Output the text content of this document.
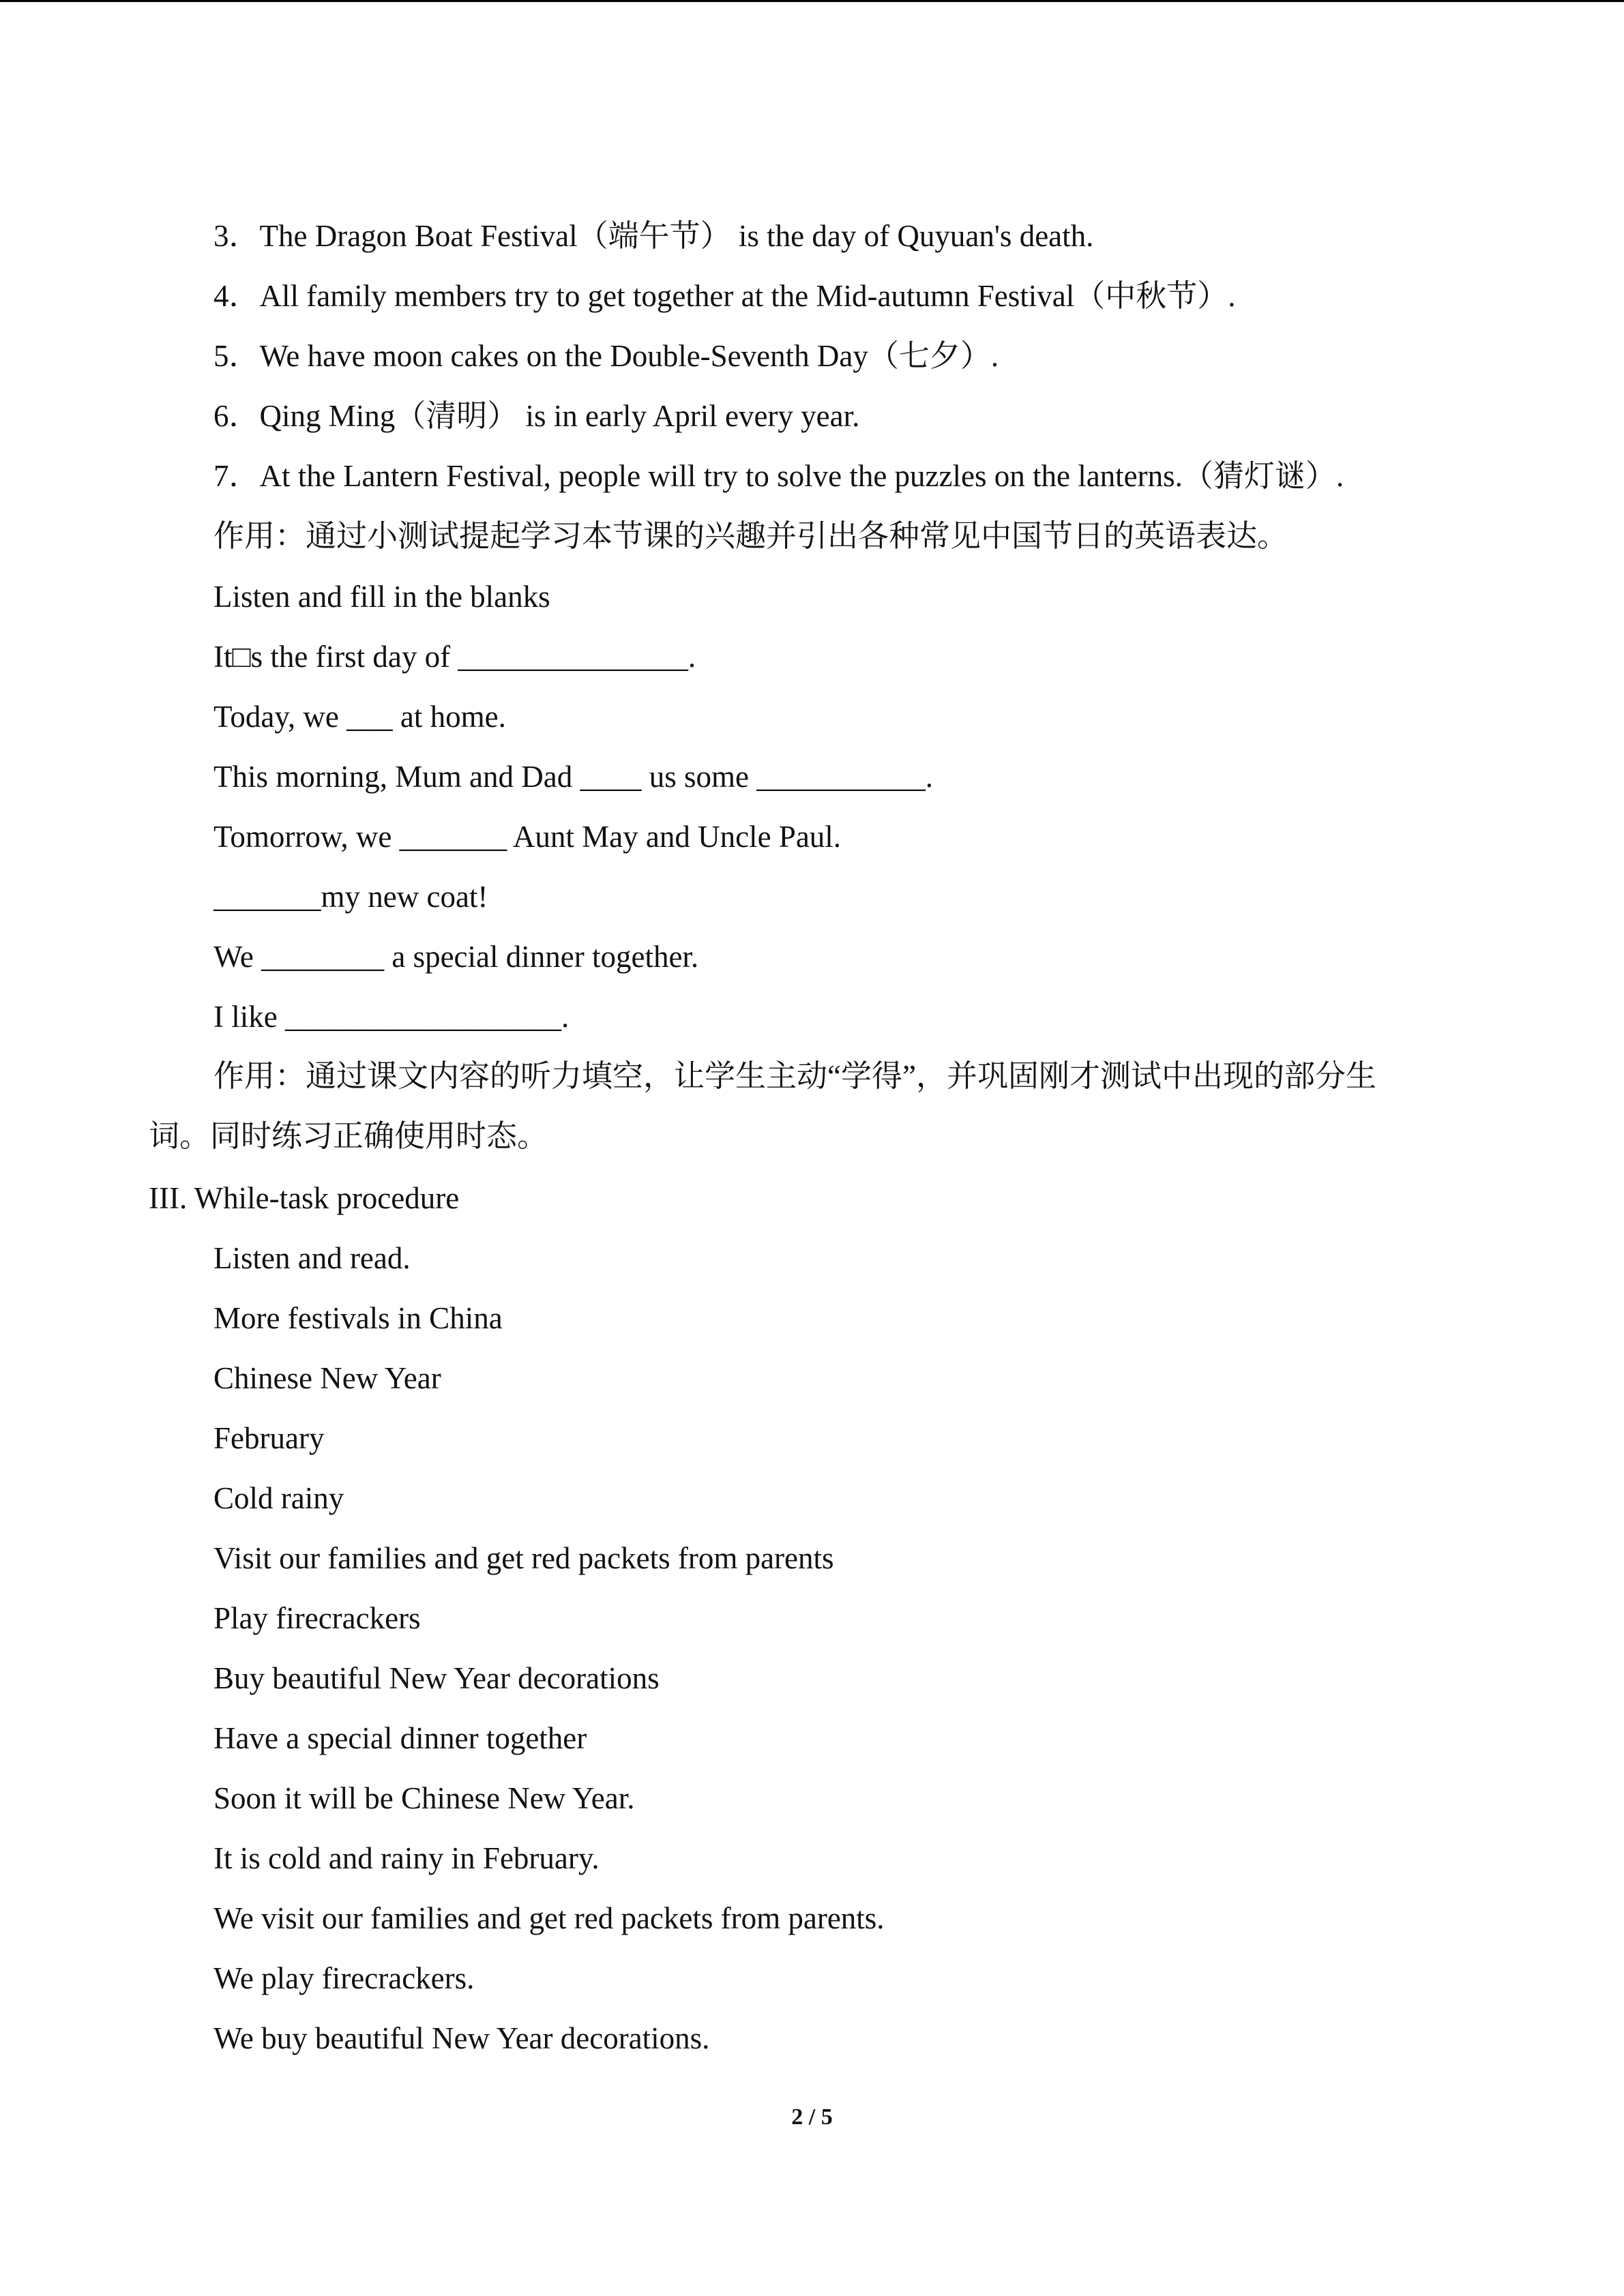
3．The Dragon Boat Festival（端午节） is the day of Quyuan's death.
4．All family members try to get together at the Mid-autumn Festival（中秋节）.
5．We have moon cakes on the Double-Seventh Day（七夕）.
6．Qing Ming（清明） is in early April every year.
7．At the Lantern Festival, people will try to solve the puzzles on the lanterns.（猜灯谜）.
作用：通过小测试提起学习本节课的兴趣并引出各种常见中国节日的英语表达。
Listen and fill in the blanks
It□s the first day of _______________.
Today, we ___ at home.
This morning, Mum and Dad ____ us some ___________.
Tomorrow, we _______ Aunt May and Uncle Paul.
_______my new coat!
We ________ a special dinner together.
I like __________________.
作用：通过课文内容的听力填空，让学生主动“学得”，并巩固刚才测试中出现的部分生
词。同时练习正确使用时态。
III. While-task procedure
Listen and read.
More festivals in China
Chinese New Year
February
Cold rainy
Visit our families and get red packets from parents
Play firecrackers
Buy beautiful New Year decorations
Have a special dinner together
Soon it will be Chinese New Year.
It is cold and rainy in February.
We visit our families and get red packets from parents.
We play firecrackers.
We buy beautiful New Year decorations.
2 / 5
